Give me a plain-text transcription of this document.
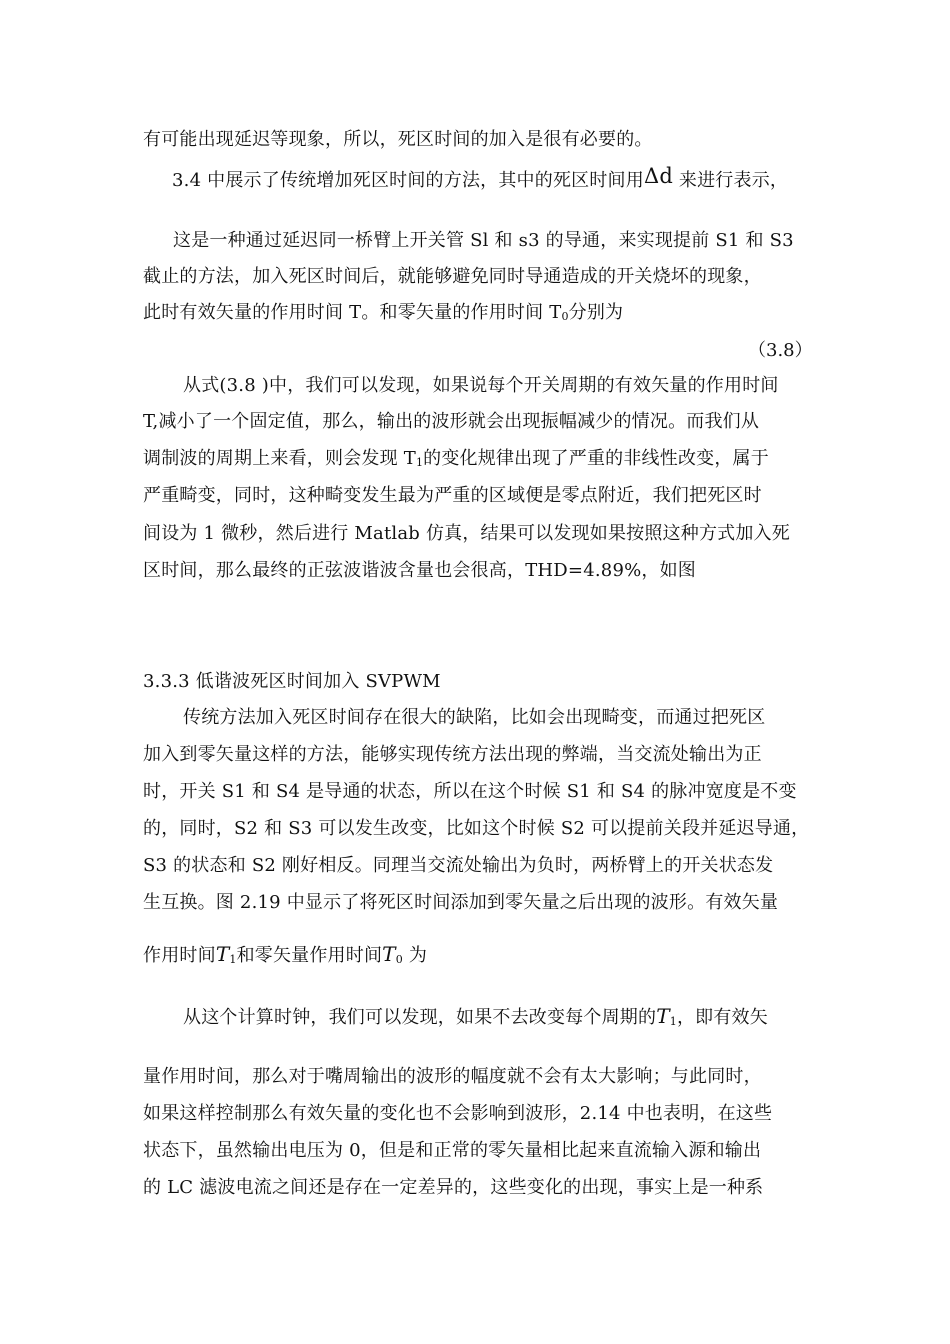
有可能出现延迟等现象，所以，死区时间的加入是很有必要的。
3.4 中展示了传统增加死区时间的方法，其中的死区时间用Δd 来进行表示，
这是一种通过延迟同一桥臂上开关管 Sl 和 s3 的导通，来实现提前 S1 和 S3
截止的方法，加入死区时间后，就能够避免同时导通造成的开关烧坏的现象，
此时有效矢量的作用时间 T。和零矢量的作用时间 $T_0$分别为
（3.8）
从式(3.8 )中，我们可以发现，如果说每个开关周期的有效矢量的作用时间
T,减小了一个固定值，那么，输出的波形就会出现振幅减少的情况。而我们从
调制波的周期上来看，则会发现 $T_1$的变化规律出现了严重的非线性改变，属于
严重畸变，同时，这种畸变发生最为严重的区域便是零点附近，我们把死区时
间设为 1 微秒，然后进行 Matlab 仿真，结果可以发现如果按照这种方式加入死
区时间，那么最终的正弦波谐波含量也会很高，THD=4.89%，如图
3.3.3 低谐波死区时间加入 SVPWM
传统方法加入死区时间存在很大的缺陷，比如会出现畸变，而通过把死区
加入到零矢量这样的方法，能够实现传统方法出现的弊端，当交流处输出为正
时，开关 S1 和 S4 是导通的状态，所以在这个时候 S1 和 S4 的脉冲宽度是不变
的，同时，S2 和 S3 可以发生改变，比如这个时候 S2 可以提前关段并延迟导通，
S3 的状态和 S2 刚好相反。同理当交流处输出为负时，两桥臂上的开关状态发
生互换。图 2.19 中显示了将死区时间添加到零矢量之后出现的波形。有效矢量
作用时间$T_1$和零矢量作用时间$T_0$ 为
从这个计算时钟，我们可以发现，如果不去改变每个周期的$T_1$，即有效矢
量作用时间，那么对于嘴周输出的波形的幅度就不会有太大影响；与此同时，
如果这样控制那么有效矢量的变化也不会影响到波形，2.14 中也表明，在这些
状态下，虽然输出电压为 0，但是和正常的零矢量相比起来直流输入源和输出
的 LC 滤波电流之间还是存在一定差异的，这些变化的出现，事实上是一种系
